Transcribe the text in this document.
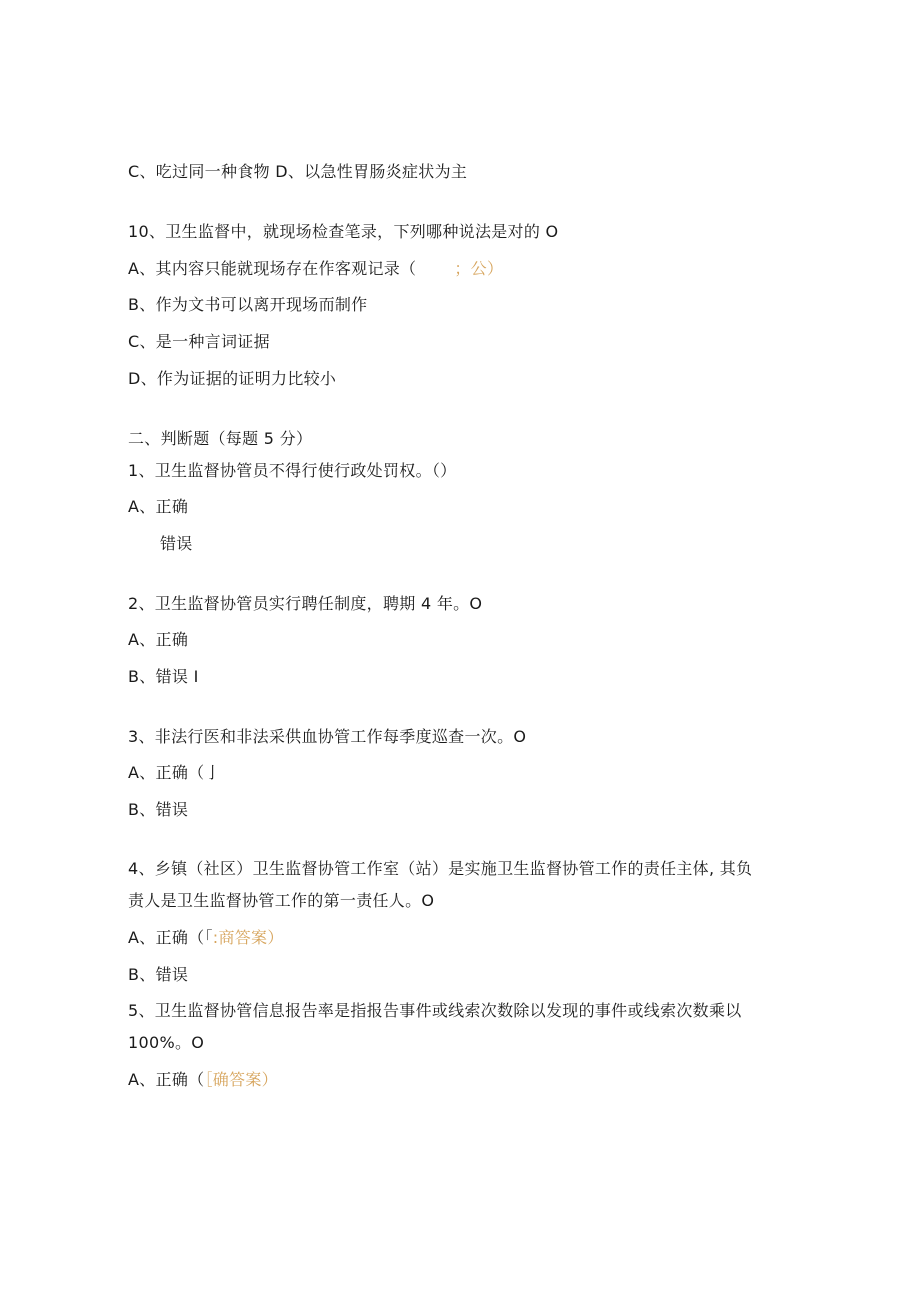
C、吃过同一种食物 D、以急性胃肠炎症状为主
10、卫生监督中，就现场检查笔录，下列哪种说法是对的 O
A、其内容只能就现场存在作客观记录（ ；公）
B、作为文书可以离开现场而制作
C、是一种言词证据
D、作为证据的证明力比较小
二、判断题（每题 5 分）
1、卫生监督协管员不得行使行政处罚权。（）
A、正确
错误
2、卫生监督协管员实行聘任制度，聘期 4 年。O
A、正确
B、错误 I
3、非法行医和非法采供血协管工作每季度巡查一次。O
A、正确（亅
B、错误
4、乡镇（社区）卫生监督协管工作室（站）是实施卫生监督协管工作的责任主体, 其负
责人是卫生监督协管工作的第一责任人。O
A、正确（「:商答案）
B、错误
5、卫生监督协管信息报告率是指报告事件或线索次数除以发现的事件或线索次数乘以
100%。O
A、正确（［确答案）
